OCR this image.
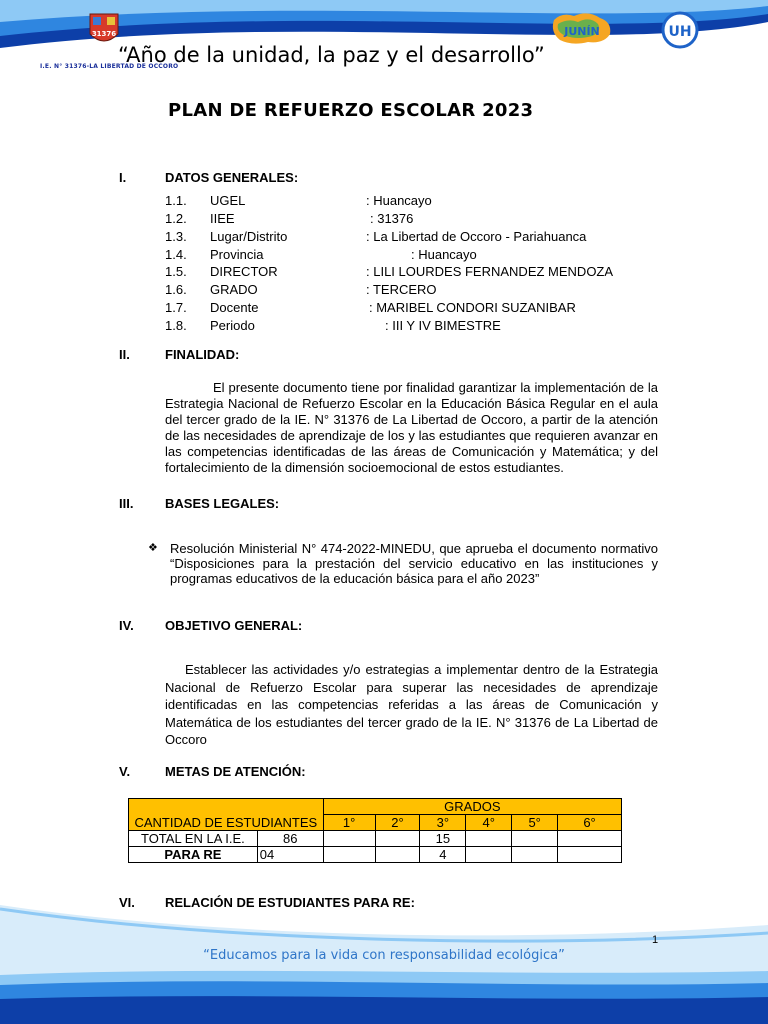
31376
I.E. N° 31376-LA LIBERTAD DE OCCORO
JUNÍN	UH
“Año de la unidad, la paz y el desarrollo”
PLAN DE REFUERZO ESCOLAR 2023
I.	DATOS GENERALES:
1.1. UGEL	: Huancayo
1.2. IIEE	: 31376
1.3. Lugar/Distrito	: La Libertad de Occoro - Pariahuanca
1.4. Provincia	: Huancayo
1.5. DIRECTOR	: LILI LOURDES FERNANDEZ MENDOZA
1.6. GRADO	: TERCERO
1.7. Docente	: MARIBEL CONDORI SUZANIBAR
1.8. Periodo	: III Y IV BIMESTRE
II.	FINALIDAD:
El presente documento tiene por finalidad garantizar la implementación de la Estrategia Nacional de Refuerzo Escolar en la Educación Básica Regular en el aula del tercer grado de la IE. N° 31376 de La Libertad de Occoro, a partir de la atención de las necesidades de aprendizaje de los y las estudiantes que requieren avanzar en las competencias identificadas de las áreas de Comunicación y Matemática; y del fortalecimiento de la dimensión socioemocional de estos estudiantes.
III. BASES LEGALES:
❖ Resolución Ministerial N° 474-2022-MINEDU, que aprueba el documento normativo “Disposiciones para la prestación del servicio educativo en las instituciones y programas educativos de la educación básica para el año 2023”
IV. OBJETIVO GENERAL:
Establecer las actividades y/o estrategias a implementar dentro de la Estrategia Nacional de Refuerzo Escolar para superar las necesidades de aprendizaje identificadas en las competencias referidas a las áreas de Comunicación y Matemática de los estudiantes del tercer grado de la IE. N° 31376 de La Libertad de Occoro
V.	METAS DE ATENCIÓN:
CANTIDAD DE ESTUDIANTES		GRADOS					
		1°	2°	3°	4°	5°	6°
TOTAL EN LA I.E.	86			15			
PARA RE	04			4			
VI. RELACIÓN DE ESTUDIANTES PARA RE:
1
“Educamos para la vida con responsabilidad ecológica”
